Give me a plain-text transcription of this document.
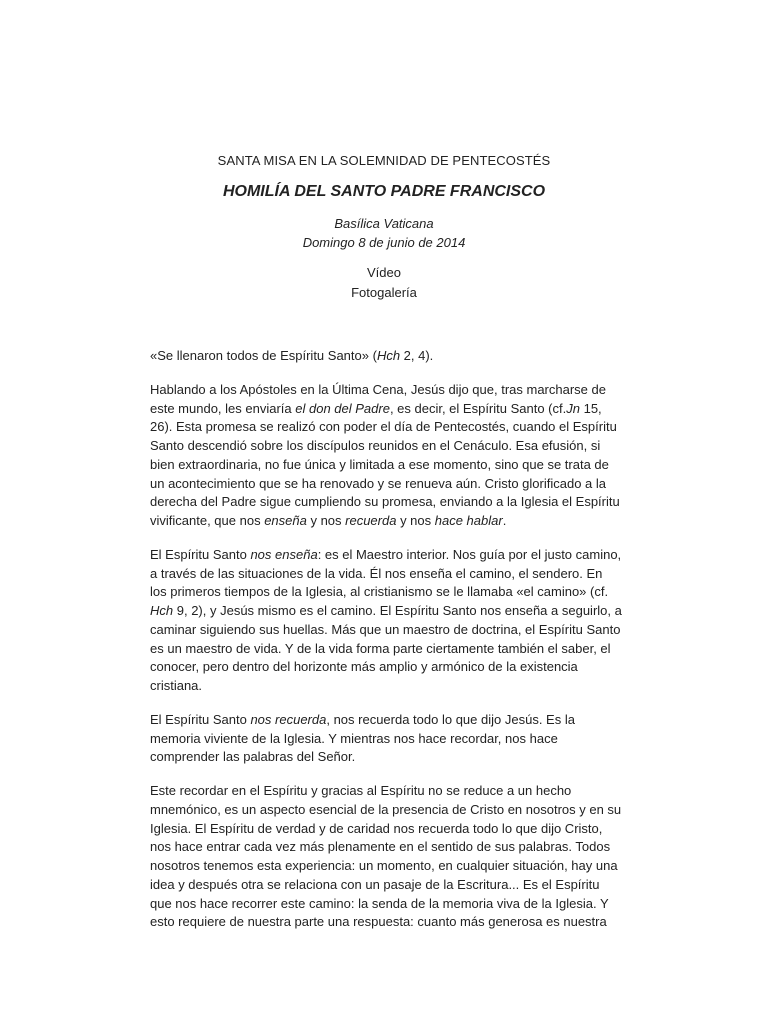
SANTA MISA EN LA SOLEMNIDAD DE PENTECOSTÉS
HOMILÍA DEL SANTO PADRE FRANCISCO
Basílica Vaticana
Domingo 8 de junio de 2014
Vídeo
Fotogalería

«Se llenaron todos de Espíritu Santo» (Hch 2, 4).

Hablando a los Apóstoles en la Última Cena, Jesús dijo que, tras marcharse de este mundo, les enviaría el don del Padre, es decir, el Espíritu Santo (cf.Jn 15, 26). Esta promesa se realizó con poder el día de Pentecostés, cuando el Espíritu Santo descendió sobre los discípulos reunidos en el Cenáculo. Esa efusión, si bien extraordinaria, no fue única y limitada a ese momento, sino que se trata de un acontecimiento que se ha renovado y se renueva aún. Cristo glorificado a la derecha del Padre sigue cumpliendo su promesa, enviando a la Iglesia el Espíritu vivificante, que nos enseña y nos recuerda y nos hace hablar.

El Espíritu Santo nos enseña: es el Maestro interior. Nos guía por el justo camino, a través de las situaciones de la vida. Él nos enseña el camino, el sendero. En los primeros tiempos de la Iglesia, al cristianismo se le llamaba «el camino» (cf. Hch 9, 2), y Jesús mismo es el camino. El Espíritu Santo nos enseña a seguirlo, a caminar siguiendo sus huellas. Más que un maestro de doctrina, el Espíritu Santo es un maestro de vida. Y de la vida forma parte ciertamente también el saber, el conocer, pero dentro del horizonte más amplio y armónico de la existencia cristiana.

El Espíritu Santo nos recuerda, nos recuerda todo lo que dijo Jesús. Es la memoria viviente de la Iglesia. Y mientras nos hace recordar, nos hace comprender las palabras del Señor.

Este recordar en el Espíritu y gracias al Espíritu no se reduce a un hecho mnemónico, es un aspecto esencial de la presencia de Cristo en nosotros y en su Iglesia. El Espíritu de verdad y de caridad nos recuerda todo lo que dijo Cristo, nos hace entrar cada vez más plenamente en el sentido de sus palabras. Todos nosotros tenemos esta experiencia: un momento, en cualquier situación, hay una idea y después otra se relaciona con un pasaje de la Escritura... Es el Espíritu que nos hace recorrer este camino: la senda de la memoria viva de la Iglesia. Y esto requiere de nuestra parte una respuesta: cuanto más generosa es nuestra
